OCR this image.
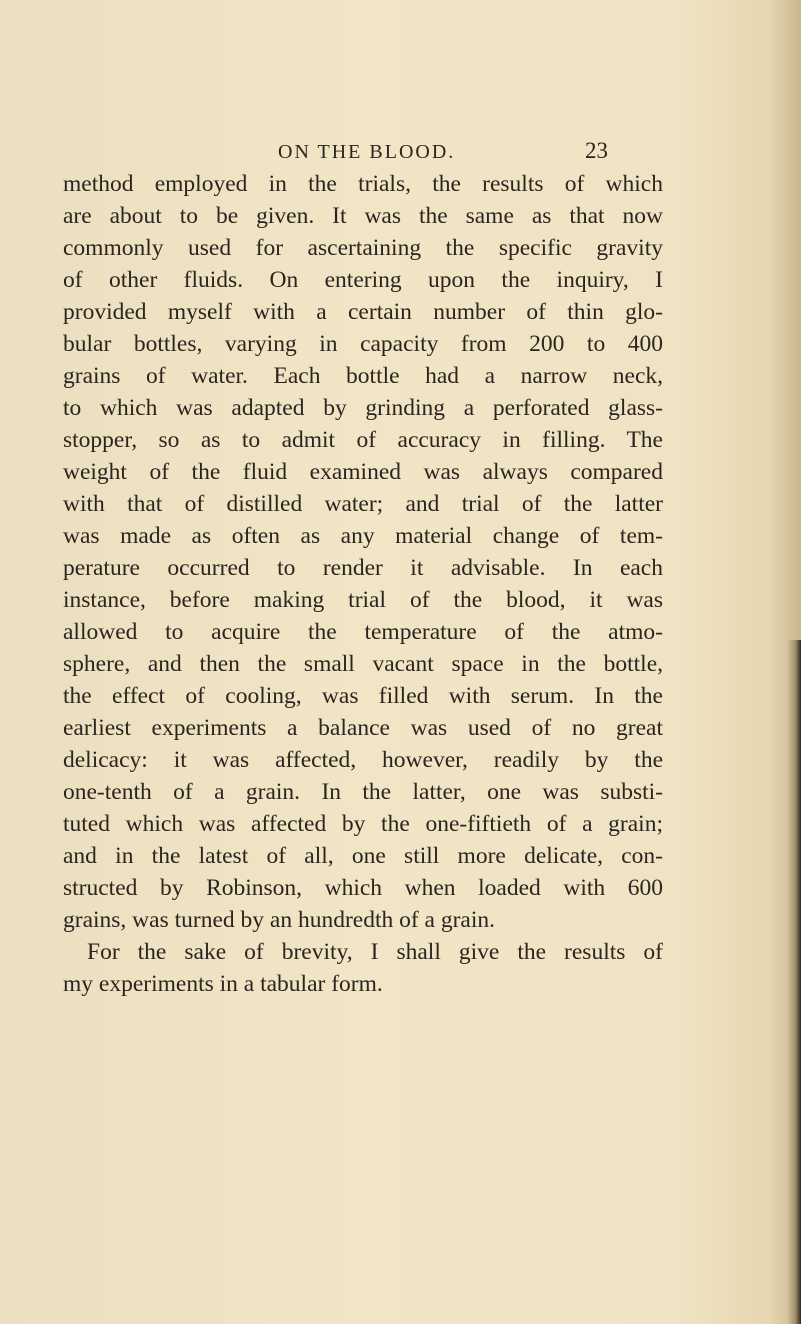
ON THE BLOOD.	23

method employed in the trials, the results of which
are about to be given. It was the same as that now
commonly used for ascertaining the specific gravity
of other fluids. On entering upon the inquiry, I
provided myself with a certain number of thin glo-
bular bottles, varying in capacity from 200 to 400
grains of water. Each bottle had a narrow neck,
to which was adapted by grinding a perforated glass-
stopper, so as to admit of accuracy in filling. The
weight of the fluid examined was always compared
with that of distilled water; and trial of the latter
was made as often as any material change of tem-
perature occurred to render it advisable. In each
instance, before making trial of the blood, it was
allowed to acquire the temperature of the atmo-
sphere, and then the small vacant space in the bottle,
the effect of cooling, was filled with serum. In the
earliest experiments a balance was used of no great
delicacy: it was affected, however, readily by the
one-tenth of a grain. In the latter, one was substi-
tuted which was affected by the one-fiftieth of a grain;
and in the latest of all, one still more delicate, con-
structed by Robinson, which when loaded with 600
grains, was turned by an hundredth of a grain.
For the sake of brevity, I shall give the results of
my experiments in a tabular form.
